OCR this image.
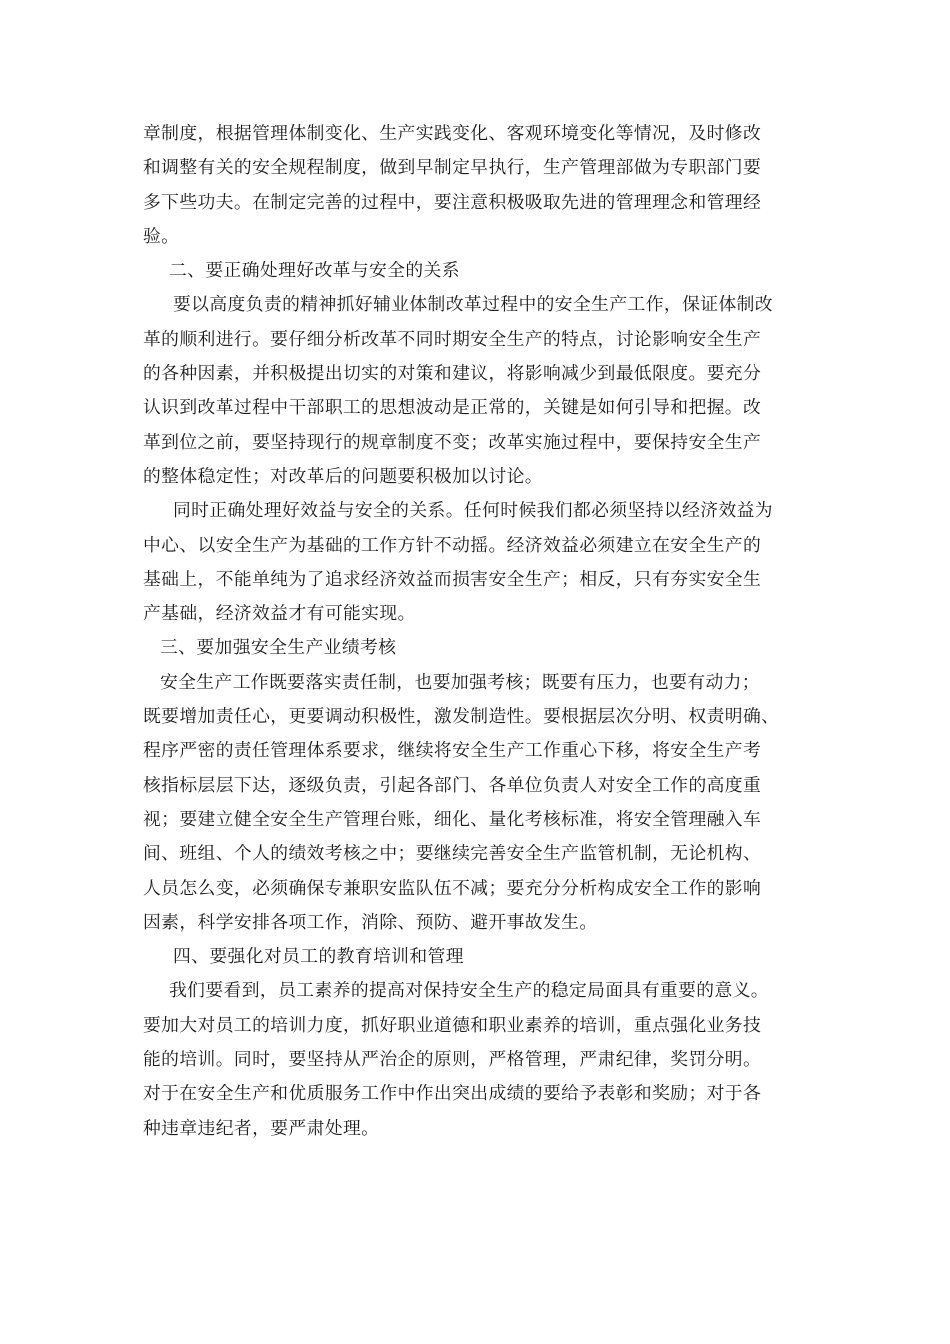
章制度，根据管理体制变化、生产实践变化、客观环境变化等情况，及时修改
和调整有关的安全规程制度，做到早制定早执行，生产管理部做为专职部门要
多下些功夫。在制定完善的过程中，要注意积极吸取先进的管理理念和管理经
验。
二、要正确处理好改革与安全的关系
要以高度负责的精神抓好辅业体制改革过程中的安全生产工作，保证体制改
革的顺利进行。要仔细分析改革不同时期安全生产的特点，讨论影响安全生产
的各种因素，并积极提出切实的对策和建议，将影响减少到最低限度。要充分
认识到改革过程中干部职工的思想波动是正常的，关键是如何引导和把握。改
革到位之前，要坚持现行的规章制度不变；改革实施过程中，要保持安全生产
的整体稳定性；对改革后的问题要积极加以讨论。
同时正确处理好效益与安全的关系。任何时候我们都必须坚持以经济效益为
中心、以安全生产为基础的工作方针不动摇。经济效益必须建立在安全生产的
基础上，不能单纯为了追求经济效益而损害安全生产；相反，只有夯实安全生
产基础，经济效益才有可能实现。
三、要加强安全生产业绩考核
安全生产工作既要落实责任制，也要加强考核；既要有压力，也要有动力；
既要增加责任心，更要调动积极性，激发制造性。要根据层次分明、权责明确、
程序严密的责任管理体系要求，继续将安全生产工作重心下移，将安全生产考
核指标层层下达，逐级负责，引起各部门、各单位负责人对安全工作的高度重
视；要建立健全安全生产管理台账，细化、量化考核标准，将安全管理融入车
间、班组、个人的绩效考核之中；要继续完善安全生产监管机制，无论机构、
人员怎么变，必须确保专兼职安监队伍不减；要充分分析构成安全工作的影响
因素，科学安排各项工作，消除、预防、避开事故发生。
四、要强化对员工的教育培训和管理
我们要看到，员工素养的提高对保持安全生产的稳定局面具有重要的意义。
要加大对员工的培训力度，抓好职业道德和职业素养的培训，重点强化业务技
能的培训。同时，要坚持从严治企的原则，严格管理，严肃纪律，奖罚分明。
对于在安全生产和优质服务工作中作出突出成绩的要给予表彰和奖励；对于各
种违章违纪者，要严肃处理。
